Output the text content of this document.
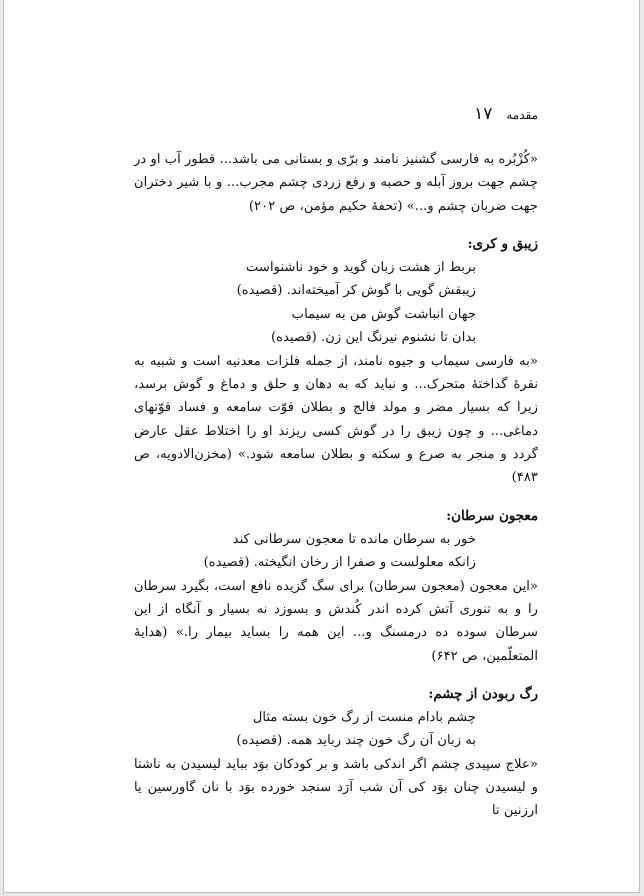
مقدمه
۱۷

«کُزْبُره به فارسی گشنیز نامند و برّی و بستانی می باشد... قطور آب او در چشم جهت بروز آبله و حصبه و رفع زردی چشم مجرب... و با شیر دختران جهت ضربان چشم و...» (تحفهٔ حکیم مؤمن، ص ۲۰۲)

زیبق و کری:

بربط از هشت زبان گوید و خود ناشنواست

زیبقش گویی با گوش کر آمیخته‌اند. (قصیده)

جهان انباشت گوش من به سیماب

بدان تا نشنوم نیرنگ این زن. (قصیده)

«به فارسی سیماب و جیوه نامند، از جمله فلزات معدنیه است و شبیه به نقرهٔ گداختهٔ متحرک... و نباید که به دهان و حلق و دماغ و گوش برسد، زیرا که بسیار مضر و مولد فالج و بطلان قوّت سامعه و فساد قوّتهای دماغی... و چون زیبق را در گوش کسی ریزند او را اختلاط عقل عارض گردد و منجر به صرع و سکته و بطلان سامعه شود.» (مخزن‌الادویه، ص ۴۸۳)

معجون سرطان:

خور به سرطان مانده تا معجون سرطانی کند

زانکه معلولست و صفرا از رخان انگیخته. (قصیده)

«این معجون (معجون سرطان) برای سگ گزیده نافع است، بگیرد سرطان را و به تنوری آتش کرده اندر کُندش و بسوزد نه بسیار و آنگاه از این سرطان سوده ده درمسنگ و... این همه را بساید بیمار را.» (هدایهٔ المتعلّمین، ص ۶۴۲)

رگ ربودن از چشم:

چشم بادام منست از رگ خون بسته مثال

به زبان آن رگ خون چند رباید همه. (قصیده)

«علاج سپیدی چشم اگر اندکی باشد و بر کودکان بوَد بباید لیسیدن به ناشتا و لیسیدن چنان بوَد کی آن شب آرَد سنجد خورده بوَد با نان گاورسین یا ارزنین تا
